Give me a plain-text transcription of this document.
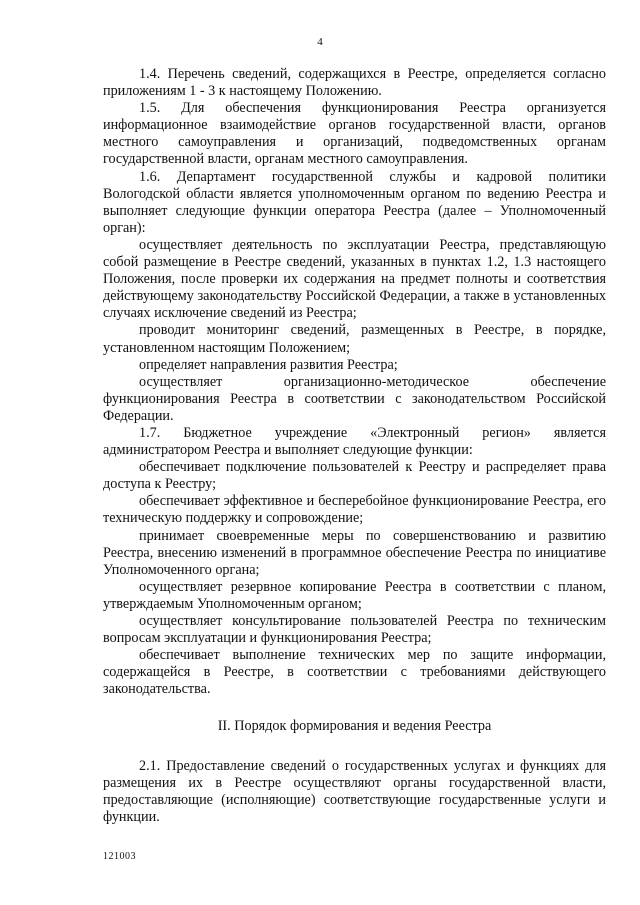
4

1.4. Перечень сведений, содержащихся в Реестре, определяется согласно приложениям 1 - 3 к настоящему Положению.

1.5. Для обеспечения функционирования Реестра организуется информационное взаимодействие органов государственной власти, органов местного самоуправления и организаций, подведомственных органам государственной власти, органам местного самоуправления.

1.6. Департамент государственной службы и кадровой политики Вологодской области является уполномоченным органом по ведению Реестра и выполняет следующие функции оператора Реестра (далее – Уполномоченный орган):

осуществляет деятельность по эксплуатации Реестра, представляющую собой размещение в Реестре сведений, указанных в пунктах 1.2, 1.3 настоящего Положения, после проверки их содержания на предмет полноты и соответствия действующему законодательству Российской Федерации, а также в установленных случаях исключение сведений из Реестра;

проводит мониторинг сведений, размещенных в Реестре, в порядке, установленном настоящим Положением;

определяет направления развития Реестра;

осуществляет организационно-методическое обеспечение функционирования Реестра в соответствии с законодательством Российской Федерации.

1.7. Бюджетное учреждение «Электронный регион» является администратором Реестра и выполняет следующие функции:

обеспечивает подключение пользователей к Реестру и распределяет права доступа к Реестру;

обеспечивает эффективное и бесперебойное функционирование Реестра, его техническую поддержку и сопровождение;

принимает своевременные меры по совершенствованию и развитию Реестра, внесению изменений в программное обеспечение Реестра по инициативе Уполномоченного органа;

осуществляет резервное копирование Реестра в соответствии с планом, утверждаемым Уполномоченным органом;

осуществляет консультирование пользователей Реестра по техническим вопросам эксплуатации и функционирования Реестра;

обеспечивает выполнение технических мер по защите информации, содержащейся в Реестре, в соответствии с требованиями действующего законодательства.

II. Порядок формирования и ведения Реестра

2.1. Предоставление сведений о государственных услугах и функциях для размещения их в Реестре осуществляют органы государственной власти, предоставляющие (исполняющие) соответствующие государственные услуги и функции.

121003
